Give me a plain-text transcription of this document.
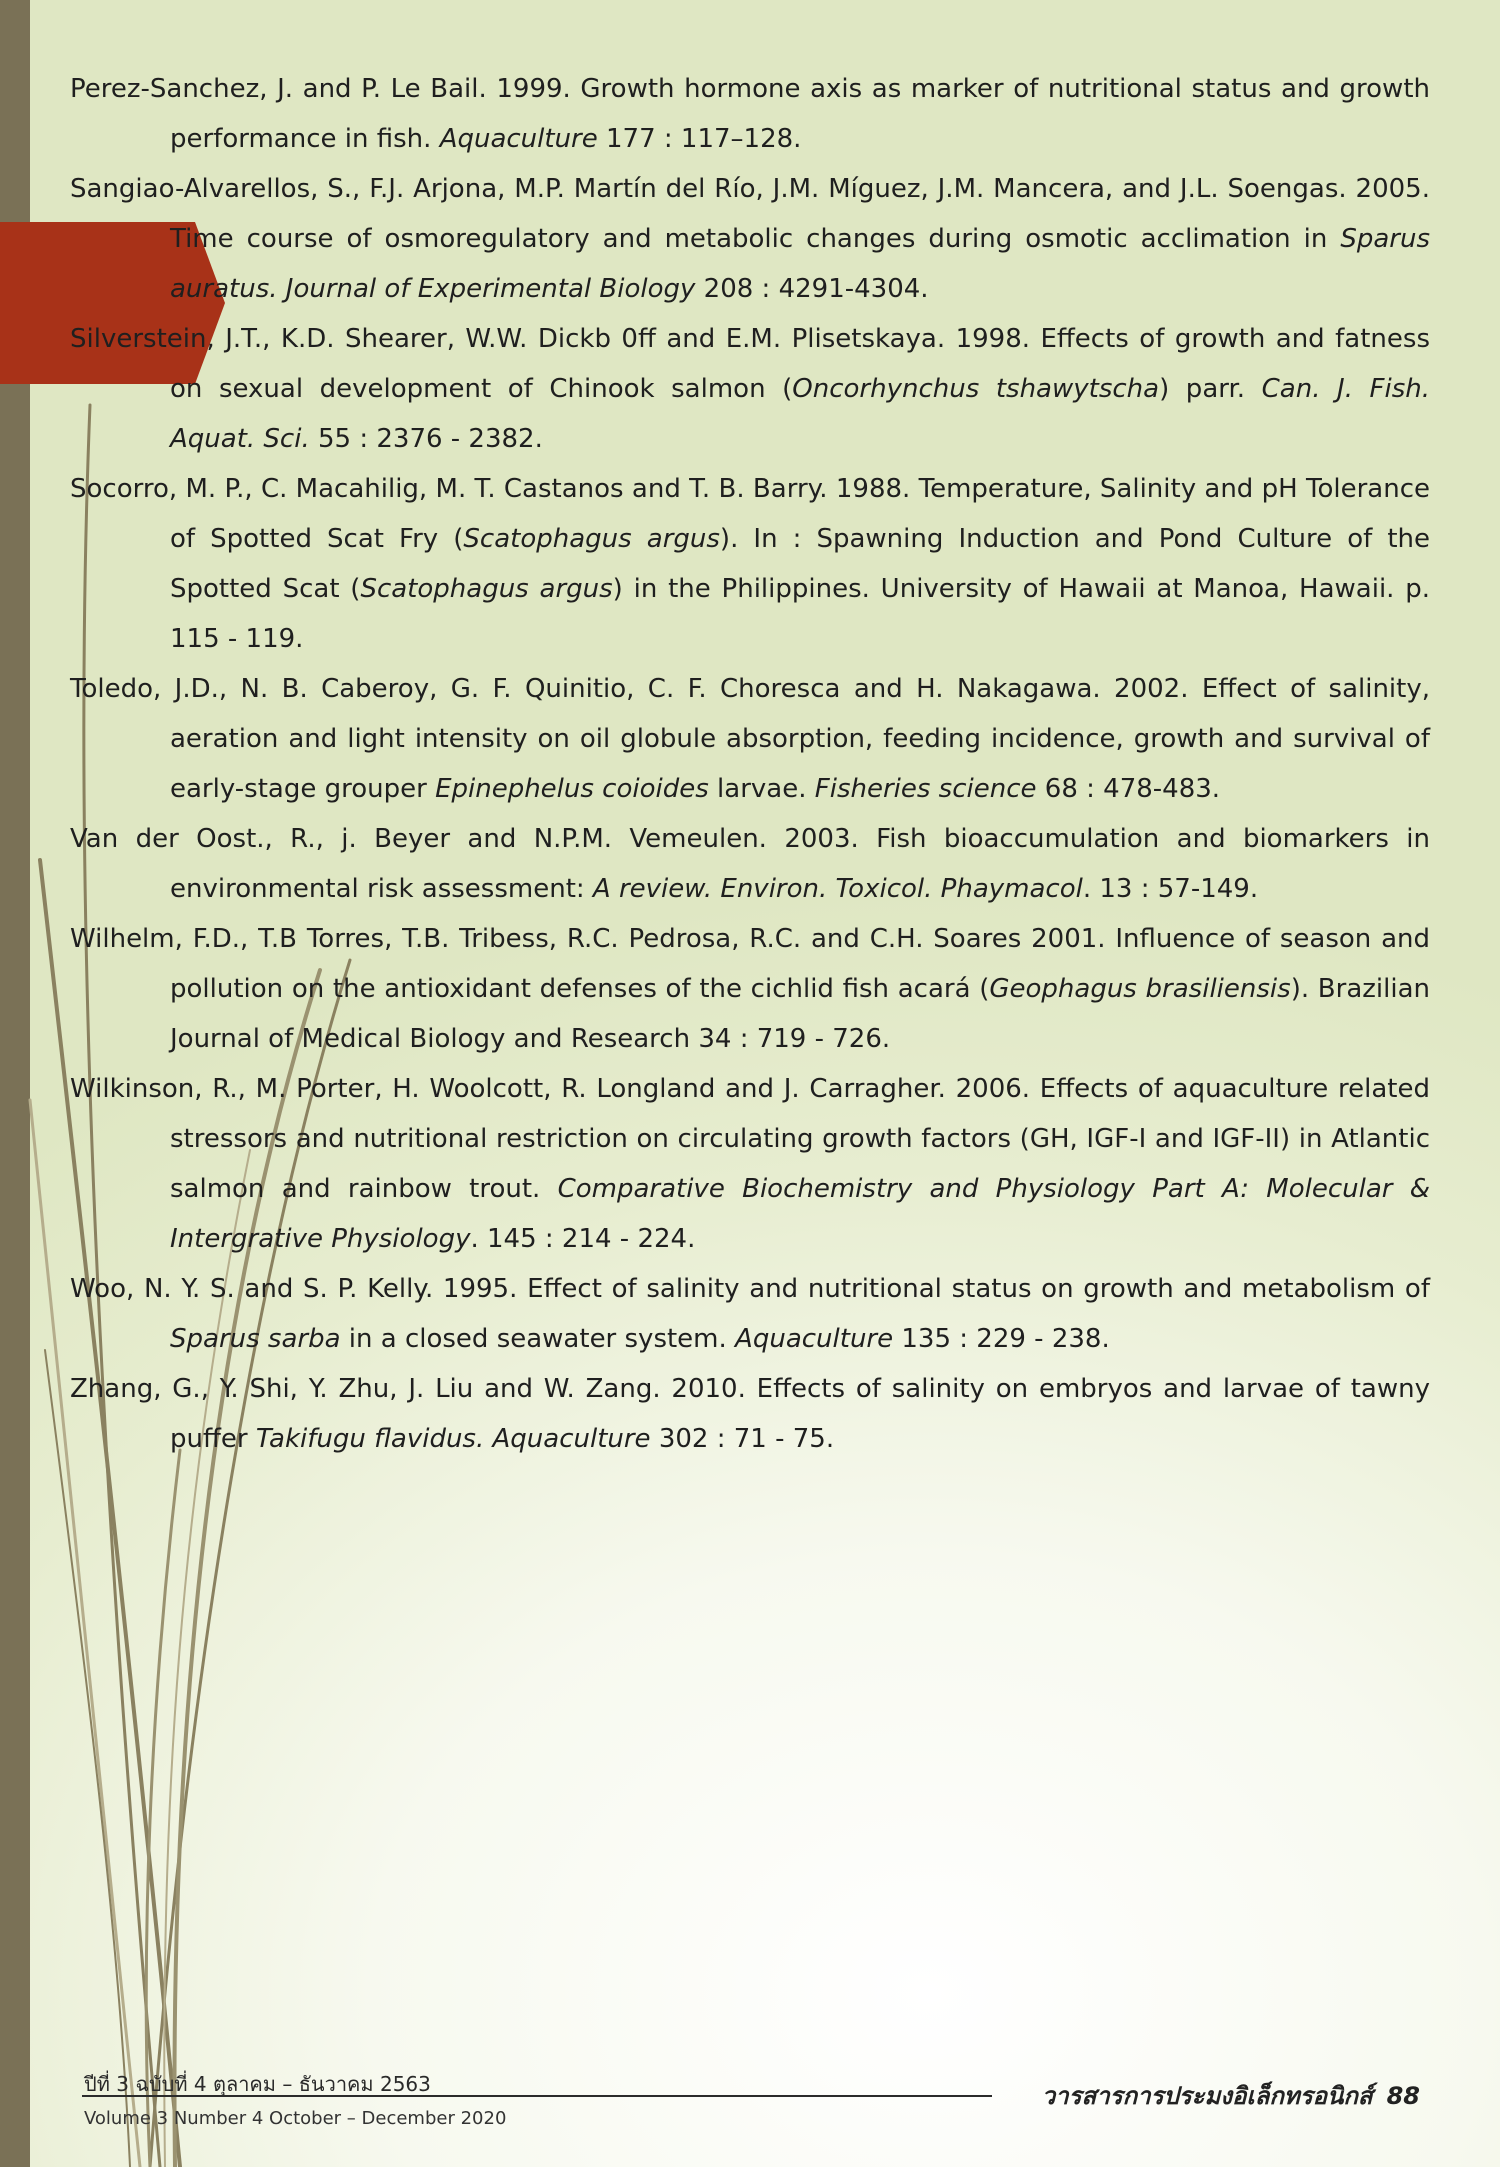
Perez-Sanchez, J. and P. Le Bail. 1999. Growth hormone axis as marker of nutritional status and growth performance in fish. Aquaculture 177 : 117–128.

Sangiao-Alvarellos, S., F.J. Arjona, M.P. Martín del Río, J.M. Míguez, J.M. Mancera, and J.L. Soengas. 2005. Time course of osmoregulatory and metabolic changes during osmotic acclimation in Sparus auratus. Journal of Experimental Biology 208 : 4291-4304.

Silverstein, J.T., K.D. Shearer, W.W. Dickb 0ff and E.M. Plisetskaya. 1998. Effects of growth and fatness on sexual development of Chinook salmon (Oncorhynchus tshawytscha) parr. Can. J. Fish. Aquat. Sci. 55 : 2376 - 2382.

Socorro, M. P., C. Macahilig, M. T. Castanos and T. B. Barry. 1988. Temperature, Salinity and pH Tolerance of Spotted Scat Fry (Scatophagus argus). In : Spawning Induction and Pond Culture of the Spotted Scat (Scatophagus argus) in the Philippines. University of Hawaii at Manoa, Hawaii. p. 115 - 119.

Toledo, J.D., N. B. Caberoy, G. F. Quinitio, C. F. Choresca and H. Nakagawa. 2002. Effect of salinity, aeration and light intensity on oil globule absorption, feeding incidence, growth and survival of early-stage grouper Epinephelus coioides larvae. Fisheries science 68 : 478-483.

Van der Oost., R., j. Beyer and N.P.M. Vemeulen. 2003. Fish bioaccumulation and biomarkers in environmental risk assessment: A review. Environ. Toxicol. Phaymacol. 13 : 57-149.

Wilhelm, F.D., T.B Torres, T.B. Tribess, R.C. Pedrosa, R.C. and C.H. Soares 2001. Influence of season and pollution on the antioxidant defenses of the cichlid fish acará (Geophagus brasiliensis). Brazilian Journal of Medical Biology and Research 34 : 719 - 726.

Wilkinson, R., M. Porter, H. Woolcott, R. Longland and J. Carragher. 2006. Effects of aquaculture related stressors and nutritional restriction on circulating growth factors (GH, IGF-I and IGF-II) in Atlantic salmon and rainbow trout. Comparative Biochemistry and Physiology Part A: Molecular & Intergrative Physiology. 145 : 214 - 224.

Woo, N. Y. S. and S. P. Kelly. 1995. Effect of salinity and nutritional status on growth and metabolism of Sparus sarba in a closed seawater system. Aquaculture 135 : 229 - 238.

Zhang, G., Y. Shi, Y. Zhu, J. Liu and W. Zang. 2010. Effects of salinity on embryos and larvae of tawny puffer Takifugu flavidus. Aquaculture 302 : 71 - 75.

ปีที่ 3 ฉบับที่ 4 ตุลาคม – ธันวาคม 2563
Volume 3 Number 4 October – December 2020
วารสารการประมงอิเล็กทรอนิกส์ 88
